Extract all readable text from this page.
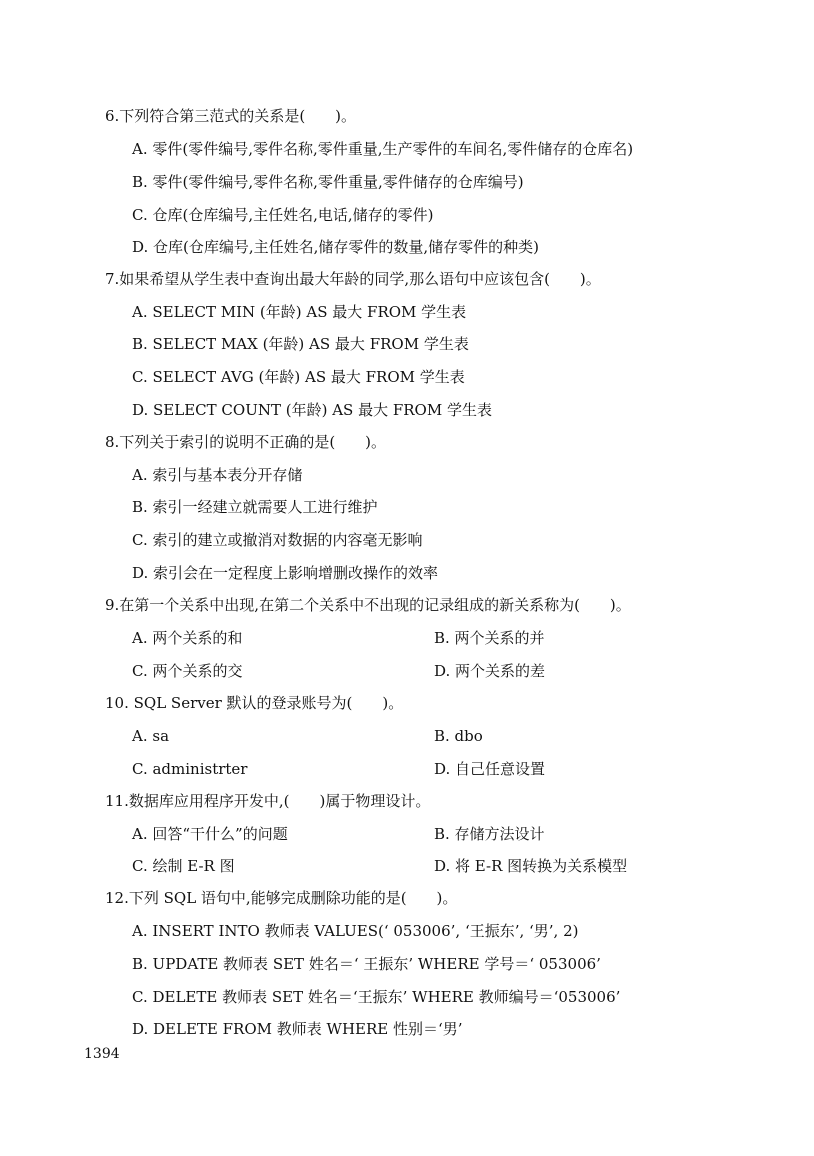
6.下列符合第三范式的关系是(　　)。
A. 零件(零件编号,零件名称,零件重量,生产零件的车间名,零件储存的仓库名)
B. 零件(零件编号,零件名称,零件重量,零件储存的仓库编号)
C. 仓库(仓库编号,主任姓名,电话,储存的零件)
D. 仓库(仓库编号,主任姓名,储存零件的数量,储存零件的种类)
7.如果希望从学生表中查询出最大年龄的同学,那么语句中应该包含(　　)。
A. SELECT MIN (年龄) AS 最大 FROM 学生表
B. SELECT MAX (年龄) AS 最大 FROM 学生表
C. SELECT AVG (年龄) AS 最大 FROM 学生表
D. SELECT COUNT (年龄) AS 最大 FROM 学生表
8.下列关于索引的说明不正确的是(　　)。
A. 索引与基本表分开存储
B. 索引一经建立就需要人工进行维护
C. 索引的建立或撤消对数据的内容毫无影响
D. 索引会在一定程度上影响增删改操作的效率
9.在第一个关系中出现,在第二个关系中不出现的记录组成的新关系称为(　　)。
A. 两个关系的和	B. 两个关系的并
C. 两个关系的交	D. 两个关系的差
10. SQL Server 默认的登录账号为(　　)。
A. sa	B. dbo
C. administrter	D. 自己任意设置
11.数据库应用程序开发中,(　　)属于物理设计。
A. 回答“干什么”的问题	B. 存储方法设计
C. 绘制 E-R 图	D. 将 E-R 图转换为关系模型
12.下列 SQL 语句中,能够完成删除功能的是(　　)。
A. INSERT INTO 教师表 VALUES(‘ 053006’, ‘王振东’, ‘男’, 2)
B. UPDATE 教师表 SET 姓名＝‘ 王振东’ WHERE 学号＝‘ 053006’
C. DELETE 教师表 SET 姓名＝‘王振东’ WHERE 教师编号＝‘053006’
D. DELETE FROM 教师表 WHERE 性别＝‘男’
1394
